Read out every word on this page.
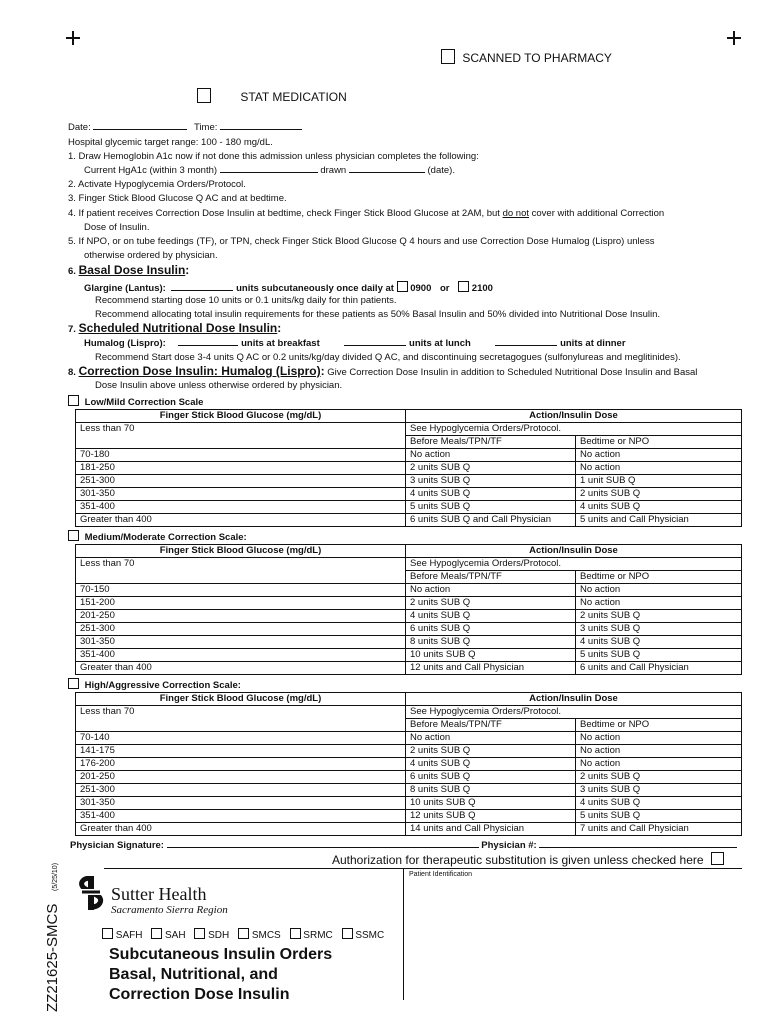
SCANNED TO PHARMACY
STAT MEDICATION
Date:	Time:
Hospital glycemic target range: 100 - 180 mg/dL.
1. Draw Hemoglobin A1c now if not done this admission unless physician completes the following:
Current HgA1c (within 3 month)	drawn	(date).
2. Activate Hypoglycemia Orders/Protocol.
3. Finger Stick Blood Glucose Q AC and at bedtime.
4. If patient receives Correction Dose Insulin at bedtime, check Finger Stick Blood Glucose at 2AM, but do not cover with additional Correction
Dose of Insulin.
5. If NPO, or on tube feedings (TF), or TPN, check Finger Stick Blood Glucose Q 4 hours and use Correction Dose Humalog (Lispro) unless
otherwise ordered by physician.
6. Basal Dose Insulin:
Glargine (Lantus):	units subcutaneously once daily at 0900 or 2100
Recommend starting dose 10 units or 0.1 units/kg daily for thin patients.
Recommend allocating total insulin requirements for these patients as 50% Basal Insulin and 50% divided into Nutritional Dose Insulin.
7. Scheduled Nutritional Dose Insulin:
Humalog (Lispro):	units at breakfast	units at lunch	units at dinner
Recommend Start dose 3-4 units Q AC or 0.2 units/kg/day divided Q AC, and discontinuing secretagogues (sulfonylureas and meglitinides).
8. Correction Dose Insulin: Humalog (Lispro): Give Correction Dose Insulin in addition to Scheduled Nutritional Dose Insulin and Basal
Dose Insulin above unless otherwise ordered by physician.
Low/Mild Correction Scale
Finger Stick Blood Glucose (mg/dL)	Action/Insulin Dose	
Less than 70	See Hypoglycemia Orders/Protocol.	
	Before Meals/TPN/TF	Bedtime or NPO
70-180	No action	No action
181-250	2 units SUB Q	No action
251-300	3 units SUB Q	1 unit SUB Q
301-350	4 units SUB Q	2 units SUB Q
351-400	5 units SUB Q	4 units SUB Q
Greater than 400	6 units SUB Q and Call Physician	5 units and Call Physician
Medium/Moderate Correction Scale:
Finger Stick Blood Glucose (mg/dL)	Action/Insulin Dose	
Less than 70	See Hypoglycemia Orders/Protocol.	
	Before Meals/TPN/TF	Bedtime or NPO
70-150	No action	No action
151-200	2 units SUB Q	No action
201-250	4 units SUB Q	2 units SUB Q
251-300	6 units SUB Q	3 units SUB Q
301-350	8 units SUB Q	4 units SUB Q
351-400	10 units SUB Q	5 units SUB Q
Greater than 400	12 units and Call Physician	6 units and Call Physician
High/Aggressive Correction Scale:
Finger Stick Blood Glucose (mg/dL)	Action/Insulin Dose	
Less than 70	See Hypoglycemia Orders/Protocol.	
	Before Meals/TPN/TF	Bedtime or NPO
70-140	No action	No action
141-175	2 units SUB Q	No action
176-200	4 units SUB Q	No action
201-250	6 units SUB Q	2 units SUB Q
251-300	8 units SUB Q	3 units SUB Q
301-350	10 units SUB Q	4 units SUB Q
351-400	12 units SUB Q	5 units SUB Q
Greater than 400	14 units and Call Physician	7 units and Call Physician
Physician Signature:	Physician #:
Authorization for therapeutic substitution is given unless checked here
Patient Identification
Sutter Health
Sacramento Sierra Region
SAFH SAH SDH SMCS SRMC SSMC
Subcutaneous Insulin Orders
Basal, Nutritional, and
Correction Dose Insulin
ZZ21625-SMCS (5/25/10)
